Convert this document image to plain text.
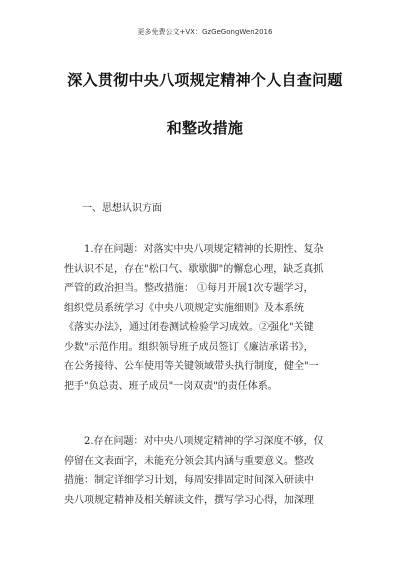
更多免费公文+VX：GzGeGongWen2016
深入贯彻中央八项规定精神个人自查问题
和整改措施
一、思想认识方面
1.存在问题：对落实中央八项规定精神的长期性、复杂
性认识不足，存在"松口气、歇歇脚"的懈怠心理，缺乏真抓
严管的政治担当。整改措施： ①每月开展1次专题学习，
组织党员系统学习《中央八项规定实施细则》及本系统
《落实办法》，通过闭卷测试检验学习成效。②强化"关键
少数"示范作用。组织领导班子成员签订《廉洁承诺书》，
在公务接待、公车使用等关键领域带头执行制度，健全"一
把手"负总责、班子成员"一岗双责"的责任体系。
2.存在问题：对中央八项规定精神的学习深度不够，仅
停留在文表面字，未能充分领会其内涵与重要意义。整改
措施：制定详细学习计划，每周安排固定时间深入研读中
央八项规定精神及相关解读文件，撰写学习心得，加深理
